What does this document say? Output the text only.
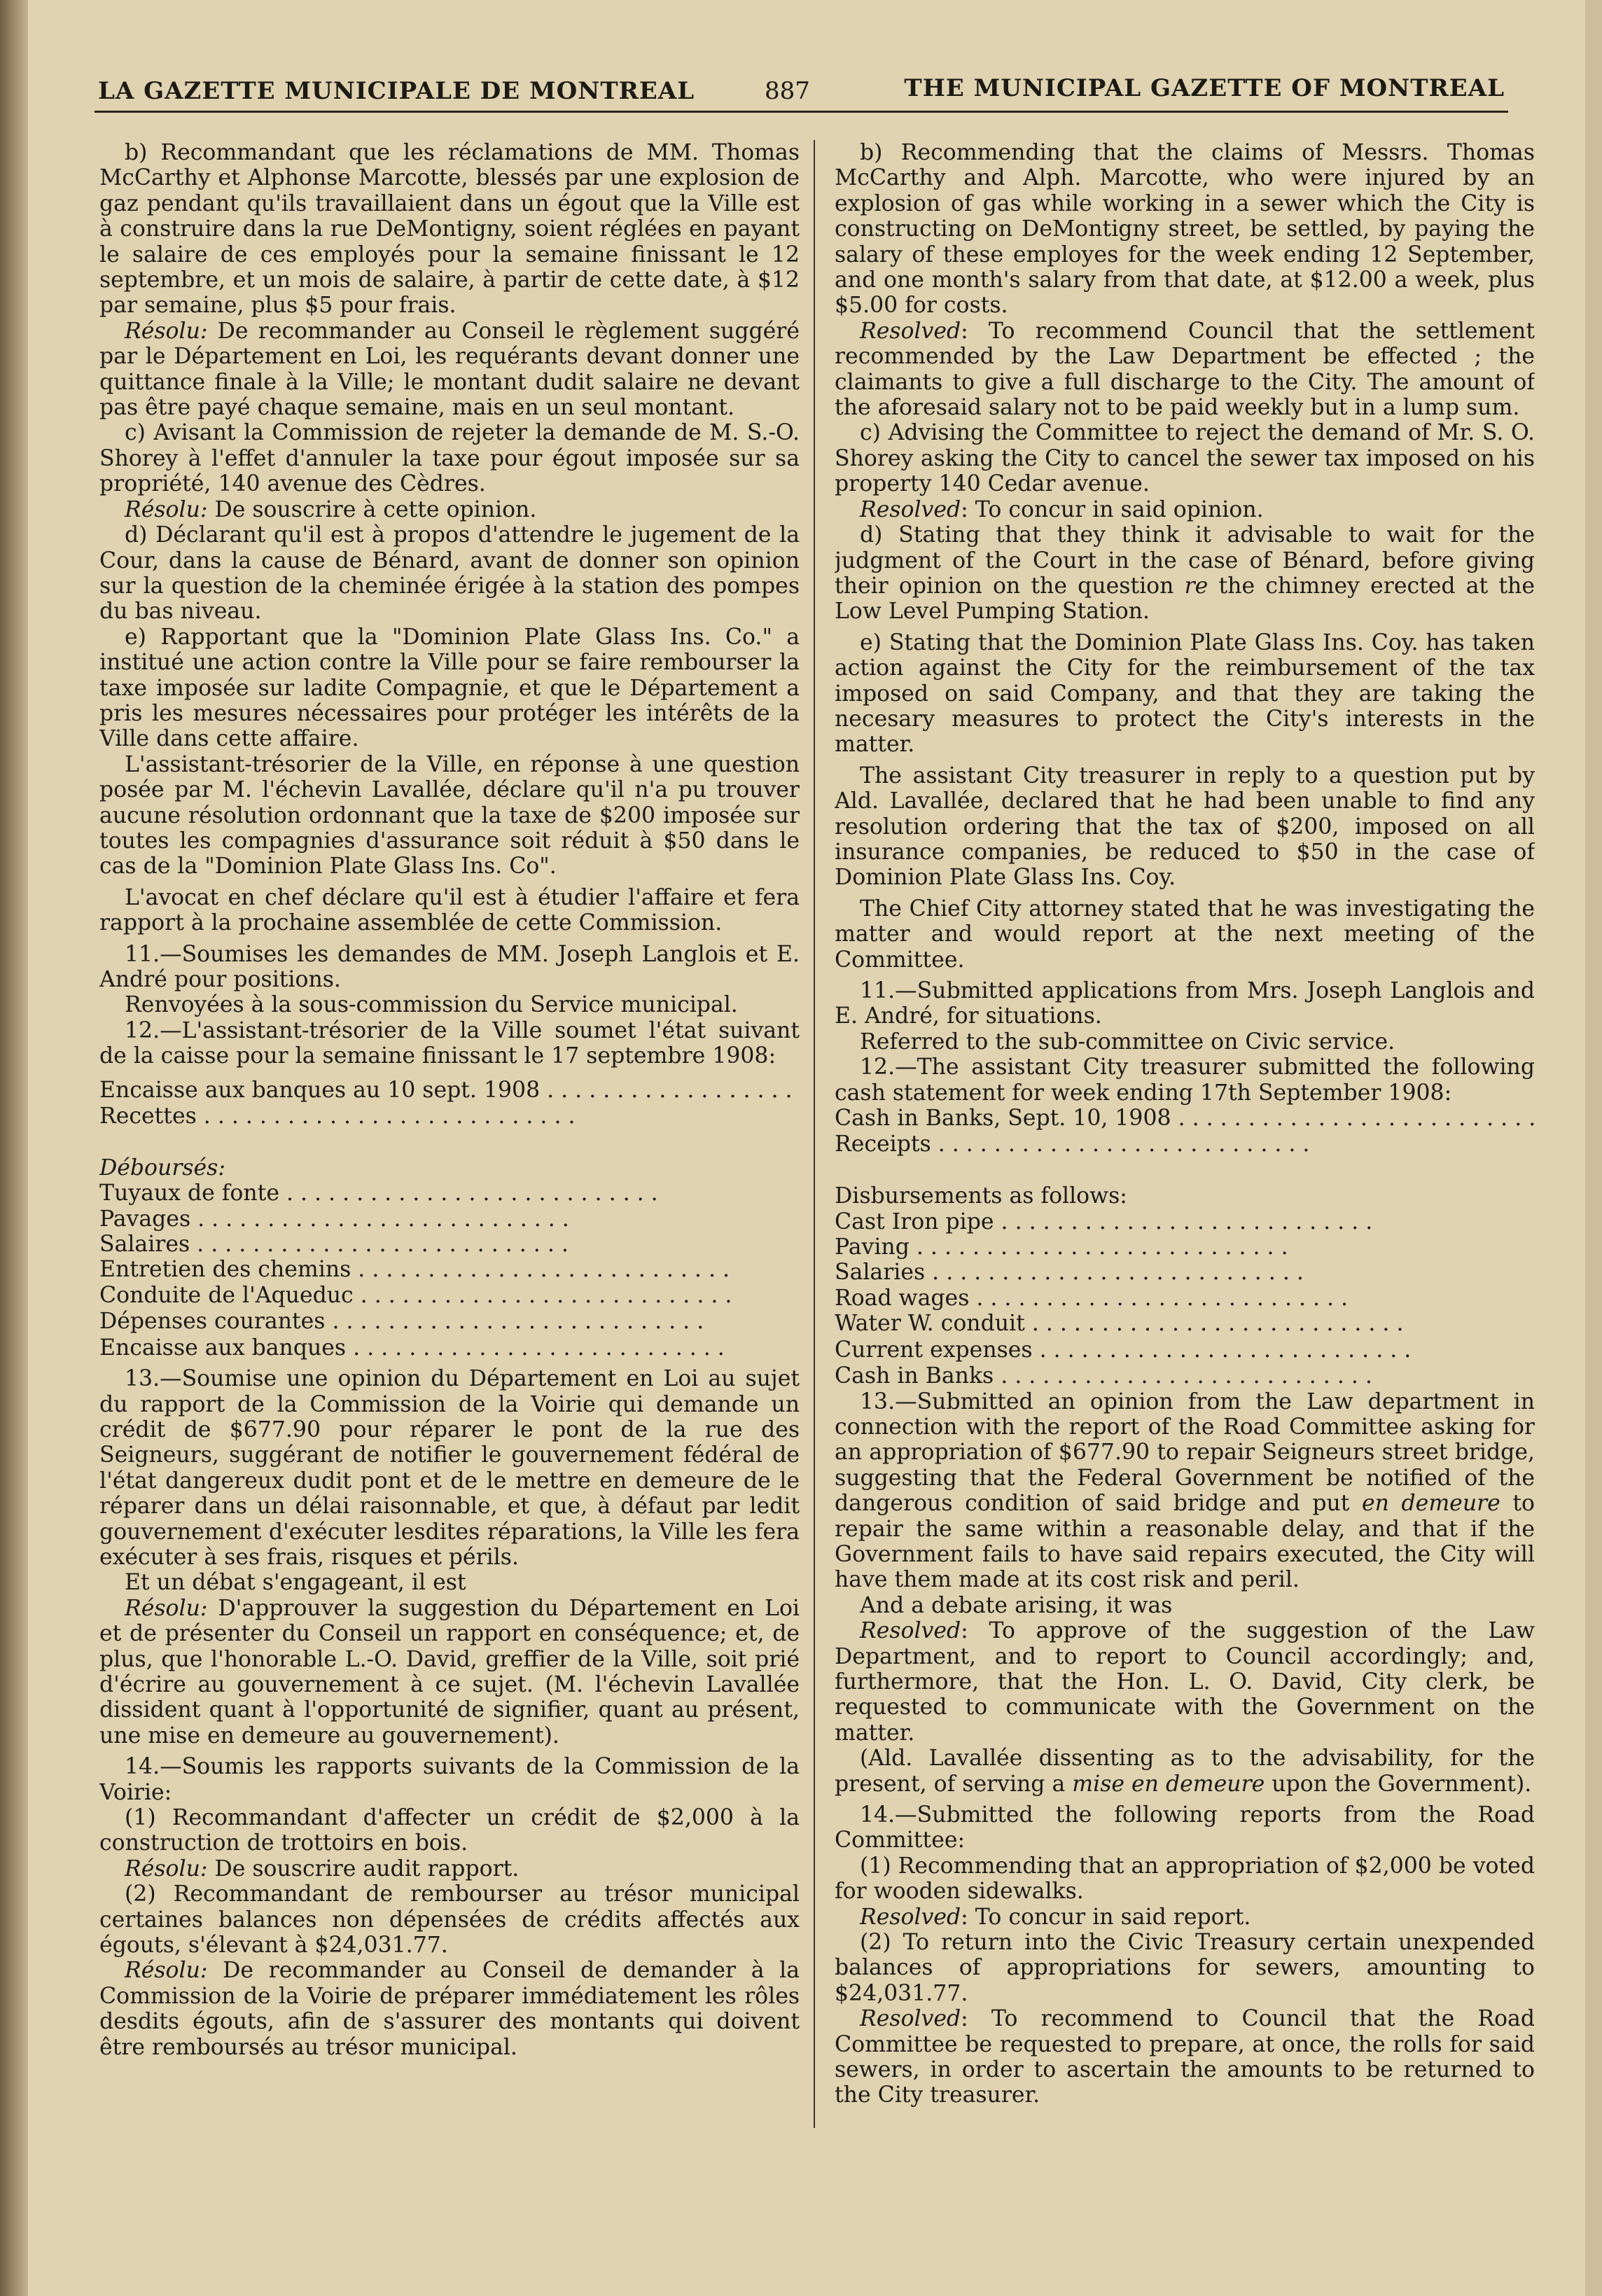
LA GAZETTE MUNICIPALE DE MONTREAL	887	THE MUNICIPAL GAZETTE OF MONTREAL

b) Recommandant que les réclamations de MM. Thomas McCarthy et Alphonse Marcotte, blessés par une explosion de gaz pendant qu'ils travaillaient dans un égout que la Ville est à construire dans la rue DeMontigny, soient réglées en payant le salaire de ces employés pour la semaine finissant le 12 septembre, et un mois de salaire, à partir de cette date, à $12 par semaine, plus $5 pour frais.

Résolu: De recommander au Conseil le règlement suggéré par le Département en Loi, les requérants devant donner une quittance finale à la Ville; le montant dudit salaire ne devant pas être payé chaque semaine, mais en un seul montant.

c) Avisant la Commission de rejeter la demande de M. S.-O. Shorey à l'effet d'annuler la taxe pour égout imposée sur sa propriété, 140 avenue des Cèdres.

Résolu: De souscrire à cette opinion.

d) Déclarant qu'il est à propos d'attendre le jugement de la Cour, dans la cause de Bénard, avant de donner son opinion sur la question de la cheminée érigée à la station des pompes du bas niveau.

e) Rapportant que la "Dominion Plate Glass Ins. Co." a institué une action contre la Ville pour se faire rembourser la taxe imposée sur ladite Compagnie, et que le Département a pris les mesures nécessaires pour protéger les intérêts de la Ville dans cette affaire.

L'assistant-trésorier de la Ville, en réponse à une question posée par M. l'échevin Lavallée, déclare qu'il n'a pu trouver aucune résolution ordonnant que la taxe de $200 imposée sur toutes les compagnies d'assurance soit réduit à $50 dans le cas de la "Dominion Plate Glass Ins. Co".

L'avocat en chef déclare qu'il est à étudier l'affaire et fera rapport à la prochaine assemblée de cette Commission.

11.—Soumises les demandes de MM. Joseph Langlois et E. André pour positions.

Renvoyées à la sous-commission du Service municipal.

12.—L'assistant-trésorier de la Ville soumet l'état suivant de la caisse pour la semaine finissant le 17 septembre 1908:

Encaisse aux banques au 10 sept. 1908 . . .		
Recettes . . .		

Déboursés:		
Tuyaux de fonte . . .		
Pavages . . .		
Salaires . . .		
Entretien des chemins . . .		
Conduite de l'Aqueduc . . .		
Dépenses courantes . . .		
Encaisse aux banques . . .		

13.—Soumise une opinion du Département en Loi au sujet du rapport de la Commission de la Voirie qui demande un crédit de $677.90 pour réparer le pont de la rue des Seigneurs, suggérant de notifier le gouvernement fédéral de l'état dangereux dudit pont et de le mettre en demeure de le réparer dans un délai raisonnable, et que, à défaut par ledit gouvernement d'exécuter lesdites réparations, la Ville les fera exécuter à ses frais, risques et périls.

Et un débat s'engageant, il est

Résolu: D'approuver la suggestion du Département en Loi et de présenter du Conseil un rapport en conséquence; et, de plus, que l'honorable L.-O. David, greffier de la Ville, soit prié d'écrire au gouvernement à ce sujet. (M. l'échevin Lavallée dissident quant à l'opportunité de signifier, quant au présent, une mise en demeure au gouvernement).

14.—Soumis les rapports suivants de la Commission de la Voirie:

(1) Recommandant d'affecter un crédit de $2,000 à la construction de trottoirs en bois.

Résolu: De souscrire audit rapport.

(2) Recommandant de rembourser au trésor municipal certaines balances non dépensées de crédits affectés aux égouts, s'élevant à $24,031.77.

Résolu: De recommander au Conseil de demander à la Commission de la Voirie de préparer immédiatement les rôles desdits égouts, afin de s'assurer des montants qui doivent être remboursés au trésor municipal.

b) Recommending that the claims of Messrs. Thomas McCarthy and Alph. Marcotte, who were injured by an explosion of gas while working in a sewer which the City is constructing on DeMontigny street, be settled, by paying the salary of these employes for the week ending 12 September, and one month's salary from that date, at $12.00 a week, plus $5.00 for costs.

Resolved: To recommend Council that the settlement recommended by the Law Department be effected ; the claimants to give a full discharge to the City. The amount of the aforesaid salary not to be paid weekly but in a lump sum.

c) Advising the Committee to reject the demand of Mr. S. O. Shorey asking the City to cancel the sewer tax imposed on his property 140 Cedar avenue.

Resolved: To concur in said opinion.

d) Stating that they think it advisable to wait for the judgment of the Court in the case of Bénard, before giving their opinion on the question re the chimney erected at the Low Level Pumping Station.

e) Stating that the Dominion Plate Glass Ins. Coy. has taken action against the City for the reimbursement of the tax imposed on said Company, and that they are taking the necesary measures to protect the City's interests in the matter.

The assistant City treasurer in reply to a question put by Ald. Lavallée, declared that he had been unable to find any resolution ordering that the tax of $200, imposed on all insurance companies, be reduced to $50 in the case of Dominion Plate Glass Ins. Coy.

The Chief City attorney stated that he was investigating the matter and would report at the next meeting of the Committee.

11.—Submitted applications from Mrs. Joseph Langlois and E. André, for situations.

Referred to the sub-committee on Civic service.

12.—The assistant City treasurer submitted the following cash statement for week ending 17th September 1908:

Cash in Banks, Sept. 10, 1908 . . .		
Receipts . . .		

Disbursements as follows:		
Cast Iron pipe . . .		
Paving . . .		
Salaries . . .		
Road wages . . .		
Water W. conduit . . .		
Current expenses . . .		
Cash in Banks . . .		

13.—Submitted an opinion from the Law department in connection with the report of the Road Committee asking for an appropriation of $677.90 to repair Seigneurs street bridge, suggesting that the Federal Government be notified of the dangerous condition of said bridge and put en demeure to repair the same within a reasonable delay, and that if the Government fails to have said repairs executed, the City will have them made at its cost risk and peril.

And a debate arising, it was

Resolved: To approve of the suggestion of the Law Department, and to report to Council accordingly; and, furthermore, that the Hon. L. O. David, City clerk, be requested to communicate with the Government on the matter.

(Ald. Lavallée dissenting as to the advisability, for the present, of serving a mise en demeure upon the Government).

14.—Submitted the following reports from the Road Committee:

(1) Recommending that an appropriation of $2,000 be voted for wooden sidewalks.

Resolved: To concur in said report.

(2) To return into the Civic Treasury certain unexpended balances of appropriations for sewers, amounting to $24,031.77.

Resolved: To recommend to Council that the Road Committee be requested to prepare, at once, the rolls for said sewers, in order to ascertain the amounts to be returned to the City treasurer.
